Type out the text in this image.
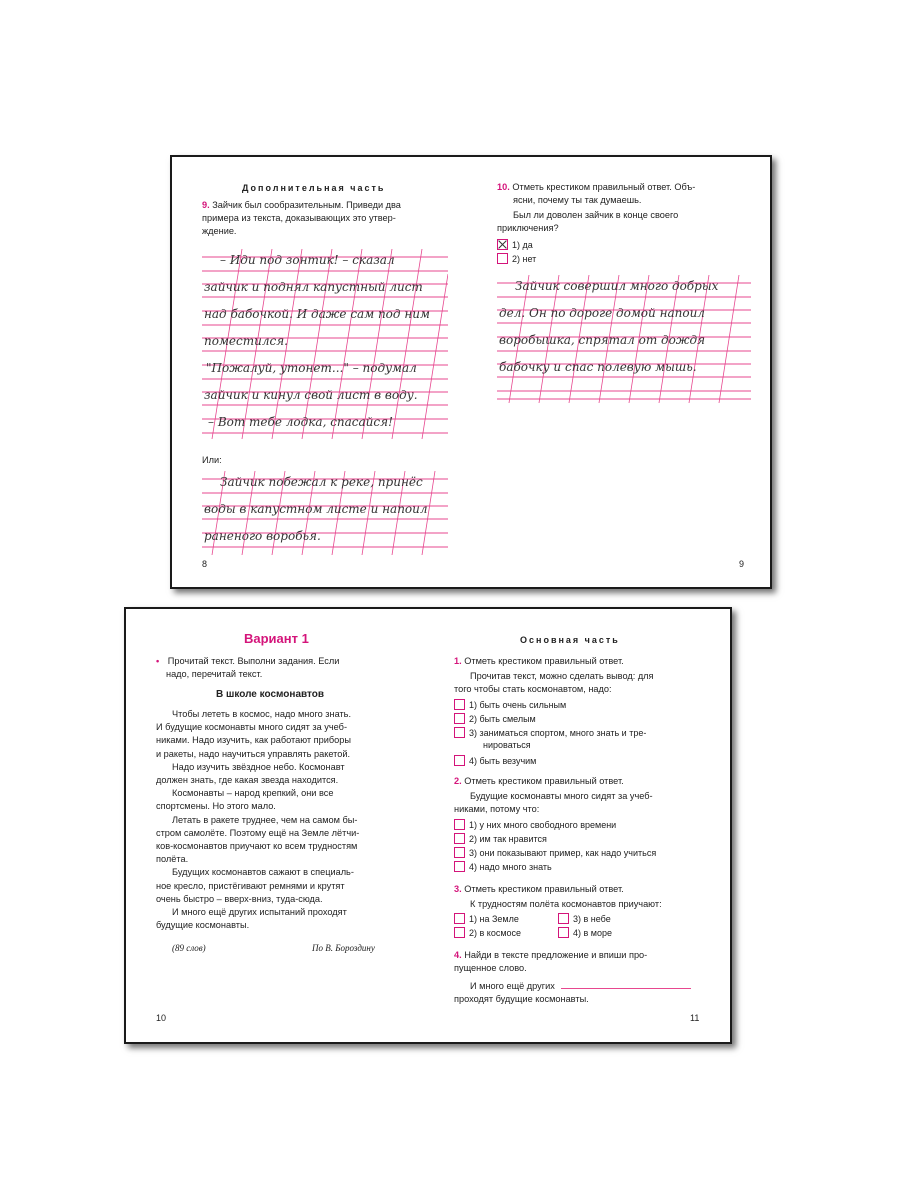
Дополнительная часть
9. Зайчик был сообразительным. Приведи два
примера из текста, доказывающих это утвер-
ждение.
– Иди под зонтик! – сказал
зайчик и поднял капустный лист
над бабочкой. И даже сам под ним
поместился.
"Пожалуй, утонет..." – подумал
зайчик и кинул свой лист в воду.
– Вот тебе лодка, спасайся!
Или:
Зайчик побежал к реке, принёс
воды в капустном листе и напоил
раненого воробья.
8
10. Отметь крестиком правильный ответ. Объ-
ясни, почему ты так думаешь.
Был ли доволен зайчик в конце своего
приключения?
1) да
2) нет
Зайчик совершил много добрых
дел. Он по дороге домой напоил
воробышка, спрятал от дождя
бабочку и спас полевую мышь.
9
Вариант 1
• Прочитай текст. Выполни задания. Если
надо, перечитай текст.
В школе космонавтов
Чтобы лететь в космос, надо много знать.
И будущие космонавты много сидят за учеб-
никами. Надо изучить, как работают приборы
и ракеты, надо научиться управлять ракетой.
Надо изучить звёздное небо. Космонавт
должен знать, где какая звезда находится.
Космонавты – народ крепкий, они все
спортсмены. Но этого мало.
Летать в ракете труднее, чем на самом бы-
стром самолёте. Поэтому ещё на Земле лётчи-
ков-космонавтов приучают ко всем трудностям
полёта.
Будущих космонавтов сажают в специаль-
ное кресло, пристёгивают ремнями и крутят
очень быстро – вверх-вниз, туда-сюда.
И много ещё других испытаний проходят
будущие космонавты.
(89 слов)	По В. Бороздину
10
Основная часть
1. Отметь крестиком правильный ответ.
Прочитав текст, можно сделать вывод: для
того чтобы стать космонавтом, надо:
1) быть очень сильным
2) быть смелым
3) заниматься спортом, много знать и тре-
нироваться
4) быть везучим
2. Отметь крестиком правильный ответ.
Будущие космонавты много сидят за учеб-
никами, потому что:
1) у них много свободного времени
2) им так нравится
3) они показывают пример, как надо учиться
4) надо много знать
3. Отметь крестиком правильный ответ.
К трудностям полёта космонавтов приучают:
1) на Земле	3) в небе
2) в космосе	4) в море
4. Найди в тексте предложение и впиши про-
пущенное слово.
И много ещё других
проходят будущие космонавты.
11
